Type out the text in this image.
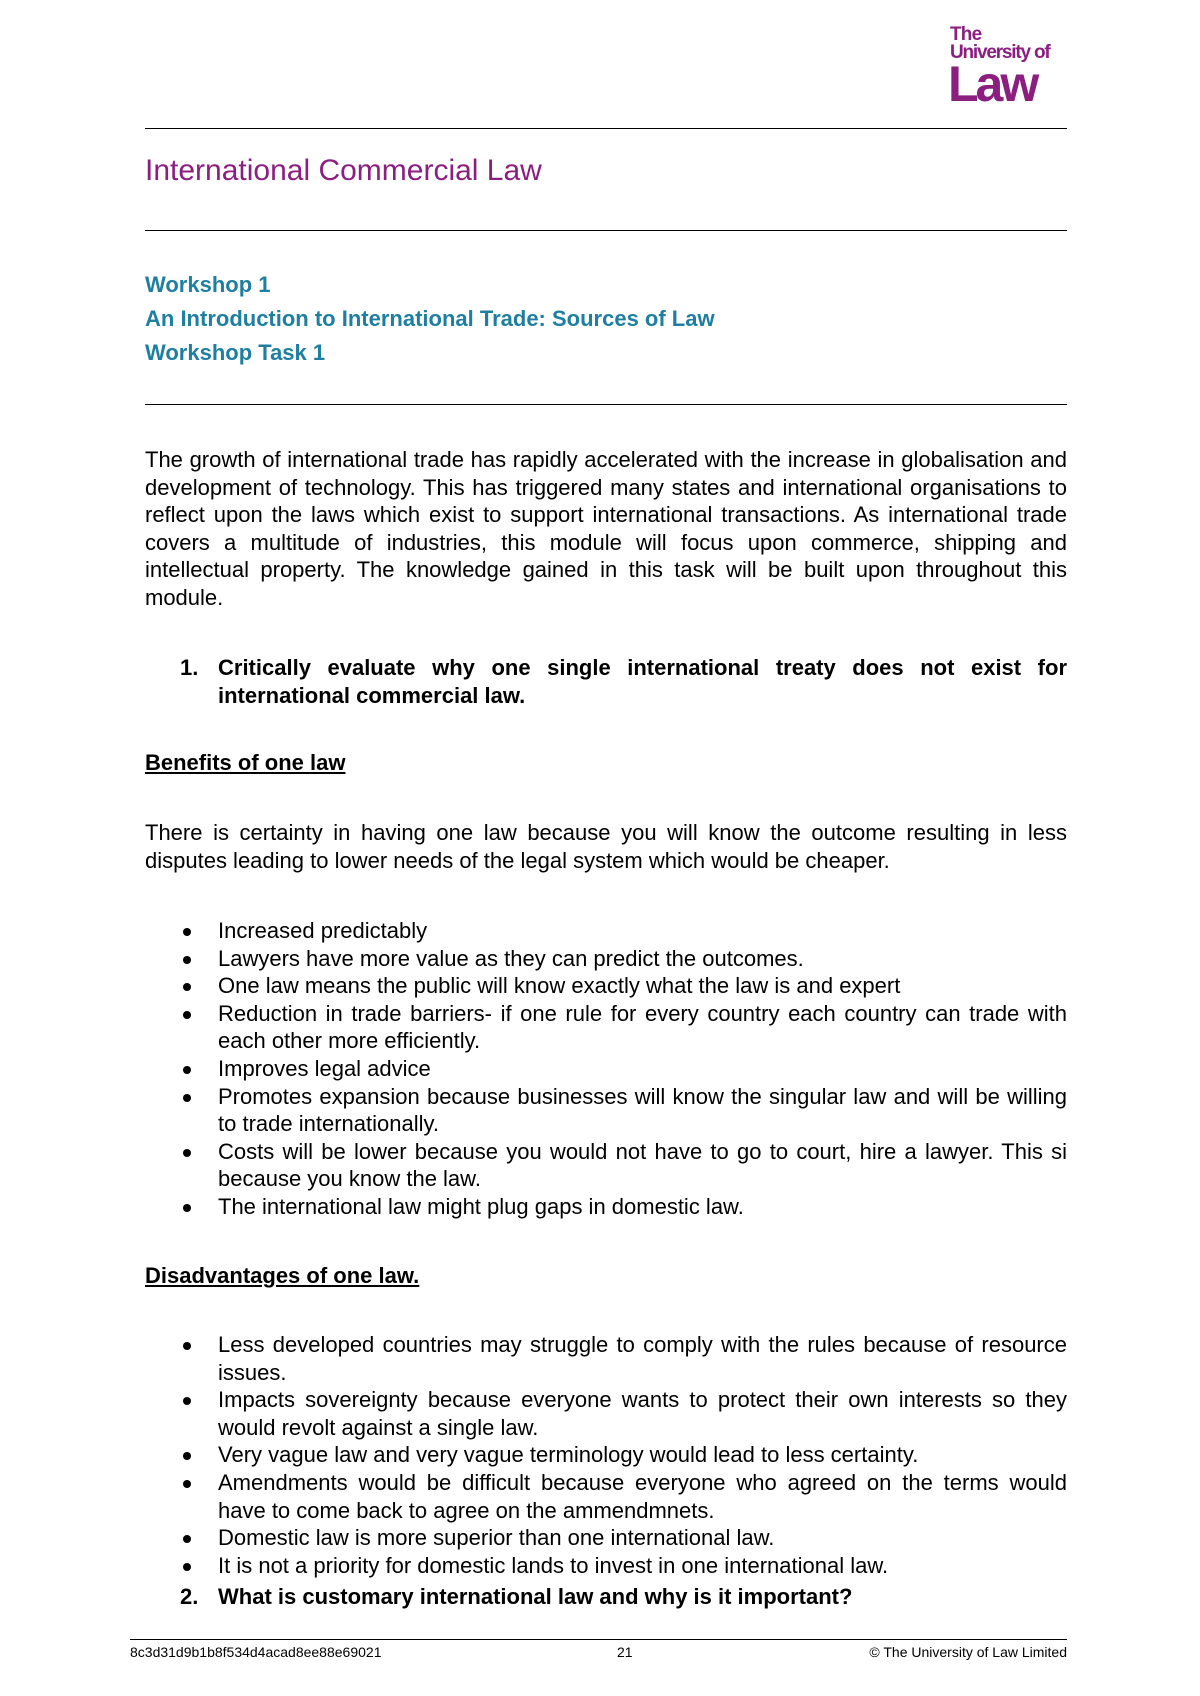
The
University of
Law
International Commercial Law
Workshop 1
An Introduction to International Trade: Sources of Law
Workshop Task 1
The growth of international trade has rapidly accelerated with the increase in globalisation and development of technology. This has triggered many states and international organisations to reflect upon the laws which exist to support international transactions. As international trade covers a multitude of industries, this module will focus upon commerce, shipping and intellectual property. The knowledge gained in this task will be built upon throughout this module.
1. Critically evaluate why one single international treaty does not exist for international commercial law.
Benefits of one law
There is certainty in having one law because you will know the outcome resulting in less disputes leading to lower needs of the legal system which would be cheaper.
Increased predictably
Lawyers have more value as they can predict the outcomes.
One law means the public will know exactly what the law is and expert
Reduction in trade barriers- if one rule for every country each country can trade with each other more efficiently.
Improves legal advice
Promotes expansion because businesses will know the singular law and will be willing to trade internationally.
Costs will be lower because you would not have to go to court, hire a lawyer. This si because you know the law.
The international law might plug gaps in domestic law.
Disadvantages of one law.
Less developed countries may struggle to comply with the rules because of resource issues.
Impacts sovereignty because everyone wants to protect their own interests so they would revolt against a single law.
Very vague law and very vague terminology would lead to less certainty.
Amendments would be difficult because everyone who agreed on the terms would have to come back to agree on the ammendmnets.
Domestic law is more superior than one international law.
It is not a priority for domestic lands to invest in one international law.
2. What is customary international law and why is it important?
8c3d31d9b1b8f534d4acad8ee88e69021	21	© The University of Law Limited
